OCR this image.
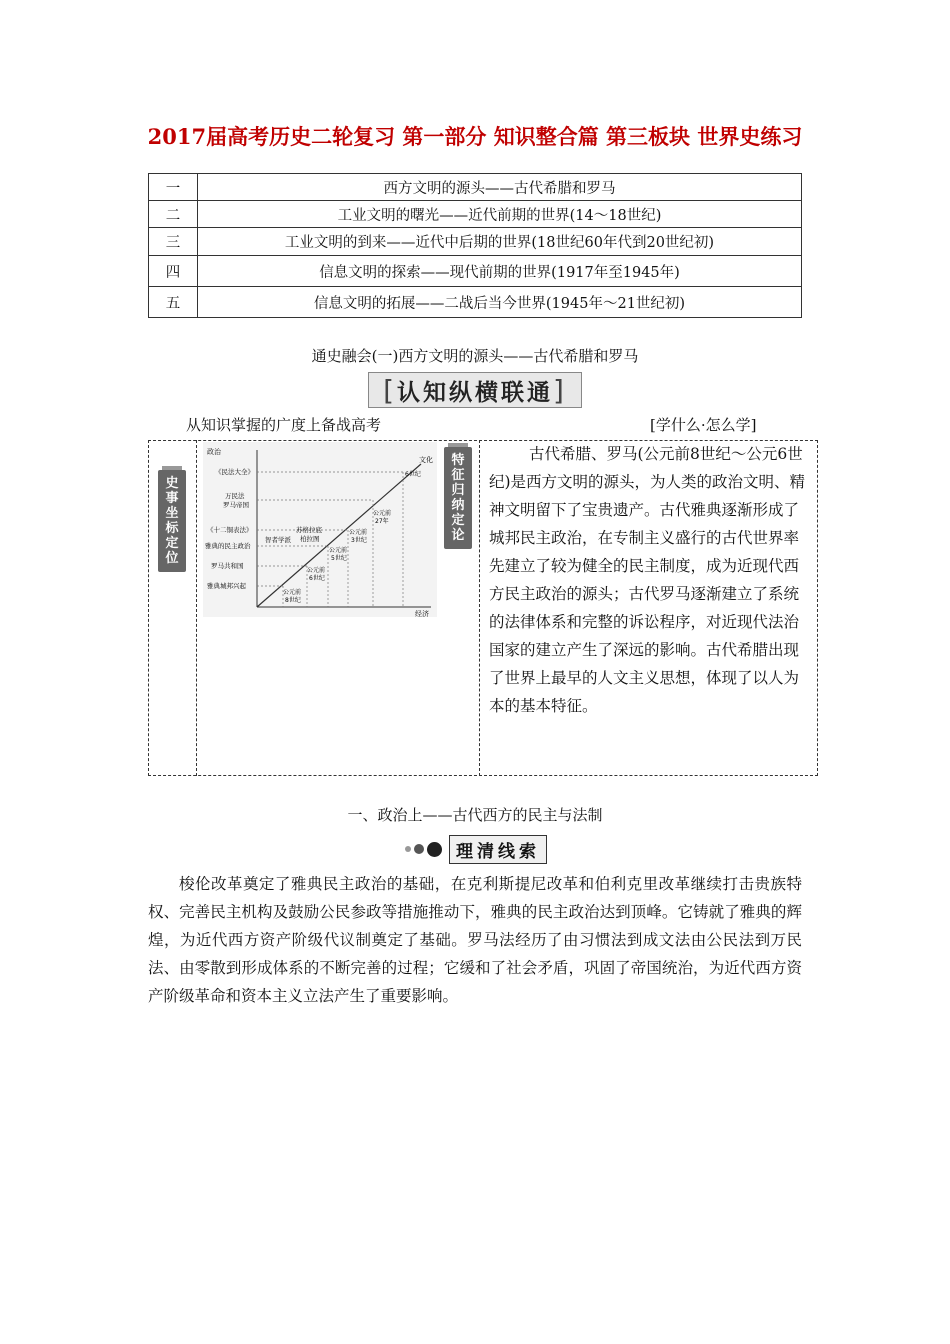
2017届高考历史二轮复习 第一部分 知识整合篇 第三板块 世界史练习
一	西方文明的源头——古代希腊和罗马
二	工业文明的曙光——近代前期的世界(14～18世纪)
三	工业文明的到来——近代中后期的世界(18世纪60年代到20世纪初)
四	信息文明的探索——现代前期的世界(1917年至1945年)
五	信息文明的拓展——二战后当今世界(1945年～21世纪初)
通史融会(一)西方文明的源头——古代希腊和罗马
[ 认知纵横联通 ]
从知识掌握的广度上备战高考	[学什么·怎么学]
史
事
坐
标
定
位
特
征
归
纳
定
论
政治
经济
文化
《民法大全》
万民法
罗马帝国
《十二铜表法》
雅典的民主政治
罗马共和国
雅典城邦兴起
智者学派
苏格拉底
柏拉图
公元前
8世纪
公元前
6世纪
公元前
5世纪
公元前
3世纪
公元前
27年
6世纪
古代希腊、罗马(公元前8世纪～公元6世纪)是西方文明的源头，为人类的政治文明、精神文明留下了宝贵遗产。古代雅典逐渐形成了城邦民主政治，在专制主义盛行的古代世界率先建立了较为健全的民主制度，成为近现代西方民主政治的源头；古代罗马逐渐建立了系统的法律体系和完整的诉讼程序，对近现代法治国家的建立产生了深远的影响。古代希腊出现了世界上最早的人文主义思想，体现了以人为本的基本特征。
一、政治上——古代西方的民主与法制
理清线索
梭伦改革奠定了雅典民主政治的基础，在克利斯提尼改革和伯利克里改革继续打击贵族特权、完善民主机构及鼓励公民参政等措施推动下，雅典的民主政治达到顶峰。它铸就了雅典的辉煌，为近代西方资产阶级代议制奠定了基础。罗马法经历了由习惯法到成文法由公民法到万民法、由零散到形成体系的不断完善的过程；它缓和了社会矛盾，巩固了帝国统治，为近代西方资产阶级革命和资本主义立法产生了重要影响。
